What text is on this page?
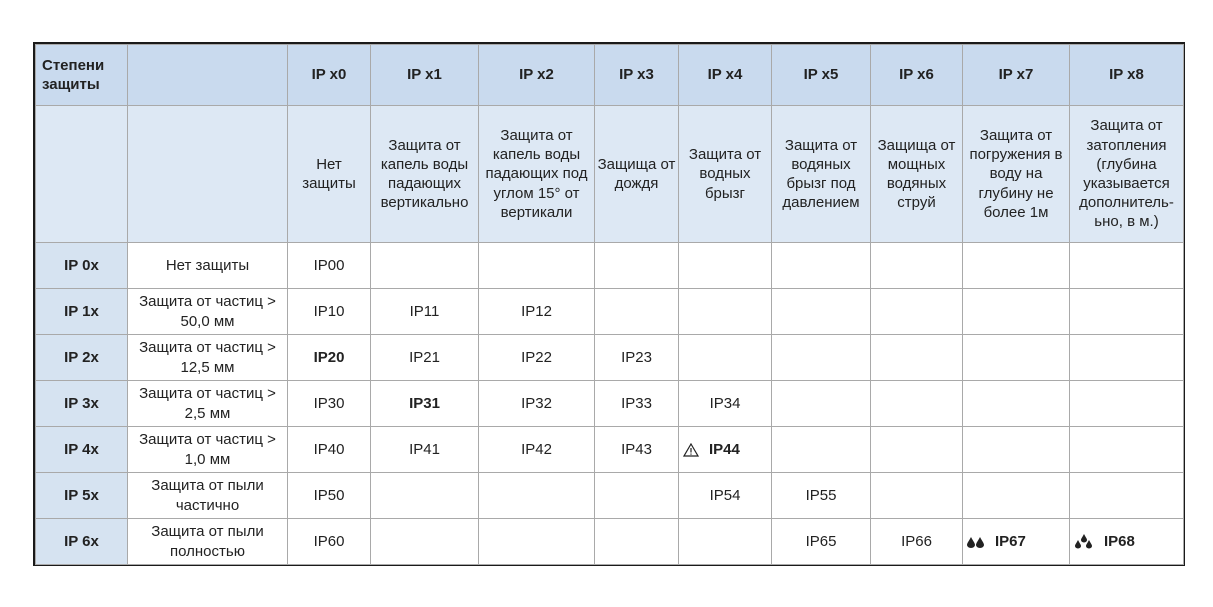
Степени защиты		IP x0	IP x1	IP x2	IP x3	IP x4	IP x5	IP x6	IP x7	IP x8
		Нет защиты	Защита от капель воды падающих вертикально	Защита от капель воды падающих под углом 15° от вертикали	Защища от дождя	Защита от водных брызг	Защита от водяных брызг под давлением	Защища от мощных водяных струй	Защита от погружения в воду на глубину не более 1м	Защита от затопления (глубина указывается дополнитель-ьно, в м.)
IP 0x	Нет защиты	IP00								
IP 1x	Защита от частиц > 50,0 мм	IP10	IP11	IP12						
IP 2x	Защита от частиц > 12,5 мм	IP20	IP21	IP22	IP23					
IP 3x	Защита от частиц > 2,5 мм	IP30	IP31	IP32	IP33	IP34				
IP 4x	Защита от частиц > 1,0 мм	IP40	IP41	IP42	IP43	IP44				
IP 5x	Защита от пыли частично	IP50				IP54	IP55			
IP 6x	Защита от пыли полностью	IP60					IP65	IP66	IP67	IP68
